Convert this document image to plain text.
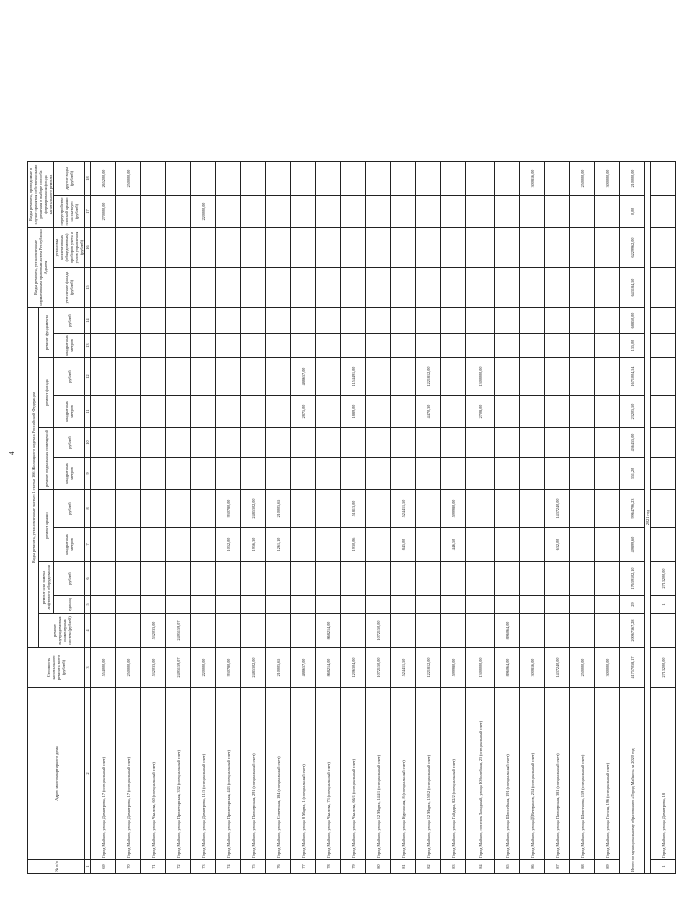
4
№ п/п	Адрес многоквартирного дома	Стоимость капитального ремонта всего (рублей)	Виды ремонта, установленные частью 1 статьи 166 Жилищного кодекса Российской Федерации											Виды ремонта, установленные нормативным правовым актом Республики Адыгея		Виды ремонта, проводимые в случае принятия собственниками решения о выборе способа формирования фонда капитального ремонта	
			ремонт внутридомовых инженерных систем (рублей)	ремонт или замена лифтового оборудования		ремонт крыши		ремонт подвальных помещений		ремонт фасада		ремонт фундамента					
				единиц	рублей	квадратных метров	рублей	квадратных метров	рублей	квадратных метров	рублей	квадратных метров	рублей	утепление фасада (рублей)	установка коллективных (общедомовых) приборов учета и узлов управления (рублей)	переустройство плоской крыши на скатную (рублей)	другие виды (рублей)
1	2	3	4	5	6	7	8	9	10	11	12	13	14	15	16	17	18
69	Город Майкоп, улица Димитрова, 17 (специальный счет)	554000,00														270000,00	265200,00
70	Город Майкоп, улица Димитрова, 17 (специальный счет)	250000,00															250000,00
71	Город Майкоп, улица Чкалова, 60 (специальный счет)	532033,00	532033,00														
72	Город Майкоп, улица Пролетарская, 332 (специальный счет)	2495159,07	2495159,07														
73	Город Майкоп, улица Димитрова, 11/3 (специальный счет)	220000,00														220000,00	
74	Город Майкоп, улица Пролетарская, 443 (специальный счет)	930780,00				1052,00	930780,00										
75	Город Майкоп, улица Пионерская, 291 (специальный счет)	2485302,00				1956,30	2485302,00										
76	Город Майкоп, улица Советская, 184 (специальный счет)	210005,65				1261,10	210005,65										
77	Город Майкоп, улица 8 Марта, 1 (специальный счет)	488657,00								2875,00	488657,00						
78	Город Майкоп, улица Чкалова, 73 (специальный счет)	868214,00	868214,00														
79	Город Майкоп, улица Чкалова, 66/1 (специальный счет)	1206304,00				1930,06	51813,00			1889,00	1154491,00						
80	Город Майкоп, улица 12 Марта, 144/1 (специальный счет)	1072150,00	1072150,00														
81	Город Майкоп, улица Курганная, 8 (специальный счет)	524411,50				845,00	524411,50										
82	Город Майкоп, улица 12 Марта, 150/2 (специальный счет)	1221812,00								4470,30	1221812,00						
83	Город Майкоп, улица Гайдара, 82/2 (специальный счет)	599980,00				446,50	599980,00										
84	Город Майкоп, поселок Западный, улица Юбилейная, 23 (специальный счет)	1300000,00								2708,00	1300000,00						
85	Город Майкоп, улица Шоссейная, 191 (специальный счет)	896064,00	896064,00														
86	Город Майкоп, улица票Ветеранов, 234 (специальный счет)	300816,00															300816,00
87	Город Майкоп, улица Пионерская, 381 (специальный счет)	1437240,00				632,00	1437240,00										
88	Город Майкоп, улица Шовгенова, 159 (специальный счет)	250000,00															250000,00
89	Город Майкоп, улица Гоголя, 196 (специальный счет)	300000,00															300000,00
Итого по муниципальному образованию «Город Майкоп» за 2020 год		41757058,17	20067367,28	29	17639102,10	49899,60	9964796,23	351,20	436455,00	23205,50	1671004,54	135,00	68850,00	643184,50	6229962,00	0,00	210000,00
2021 год																	
1	Город Майкоп, улица Димитрова, 18	2713200,00		1	2713200,00												
